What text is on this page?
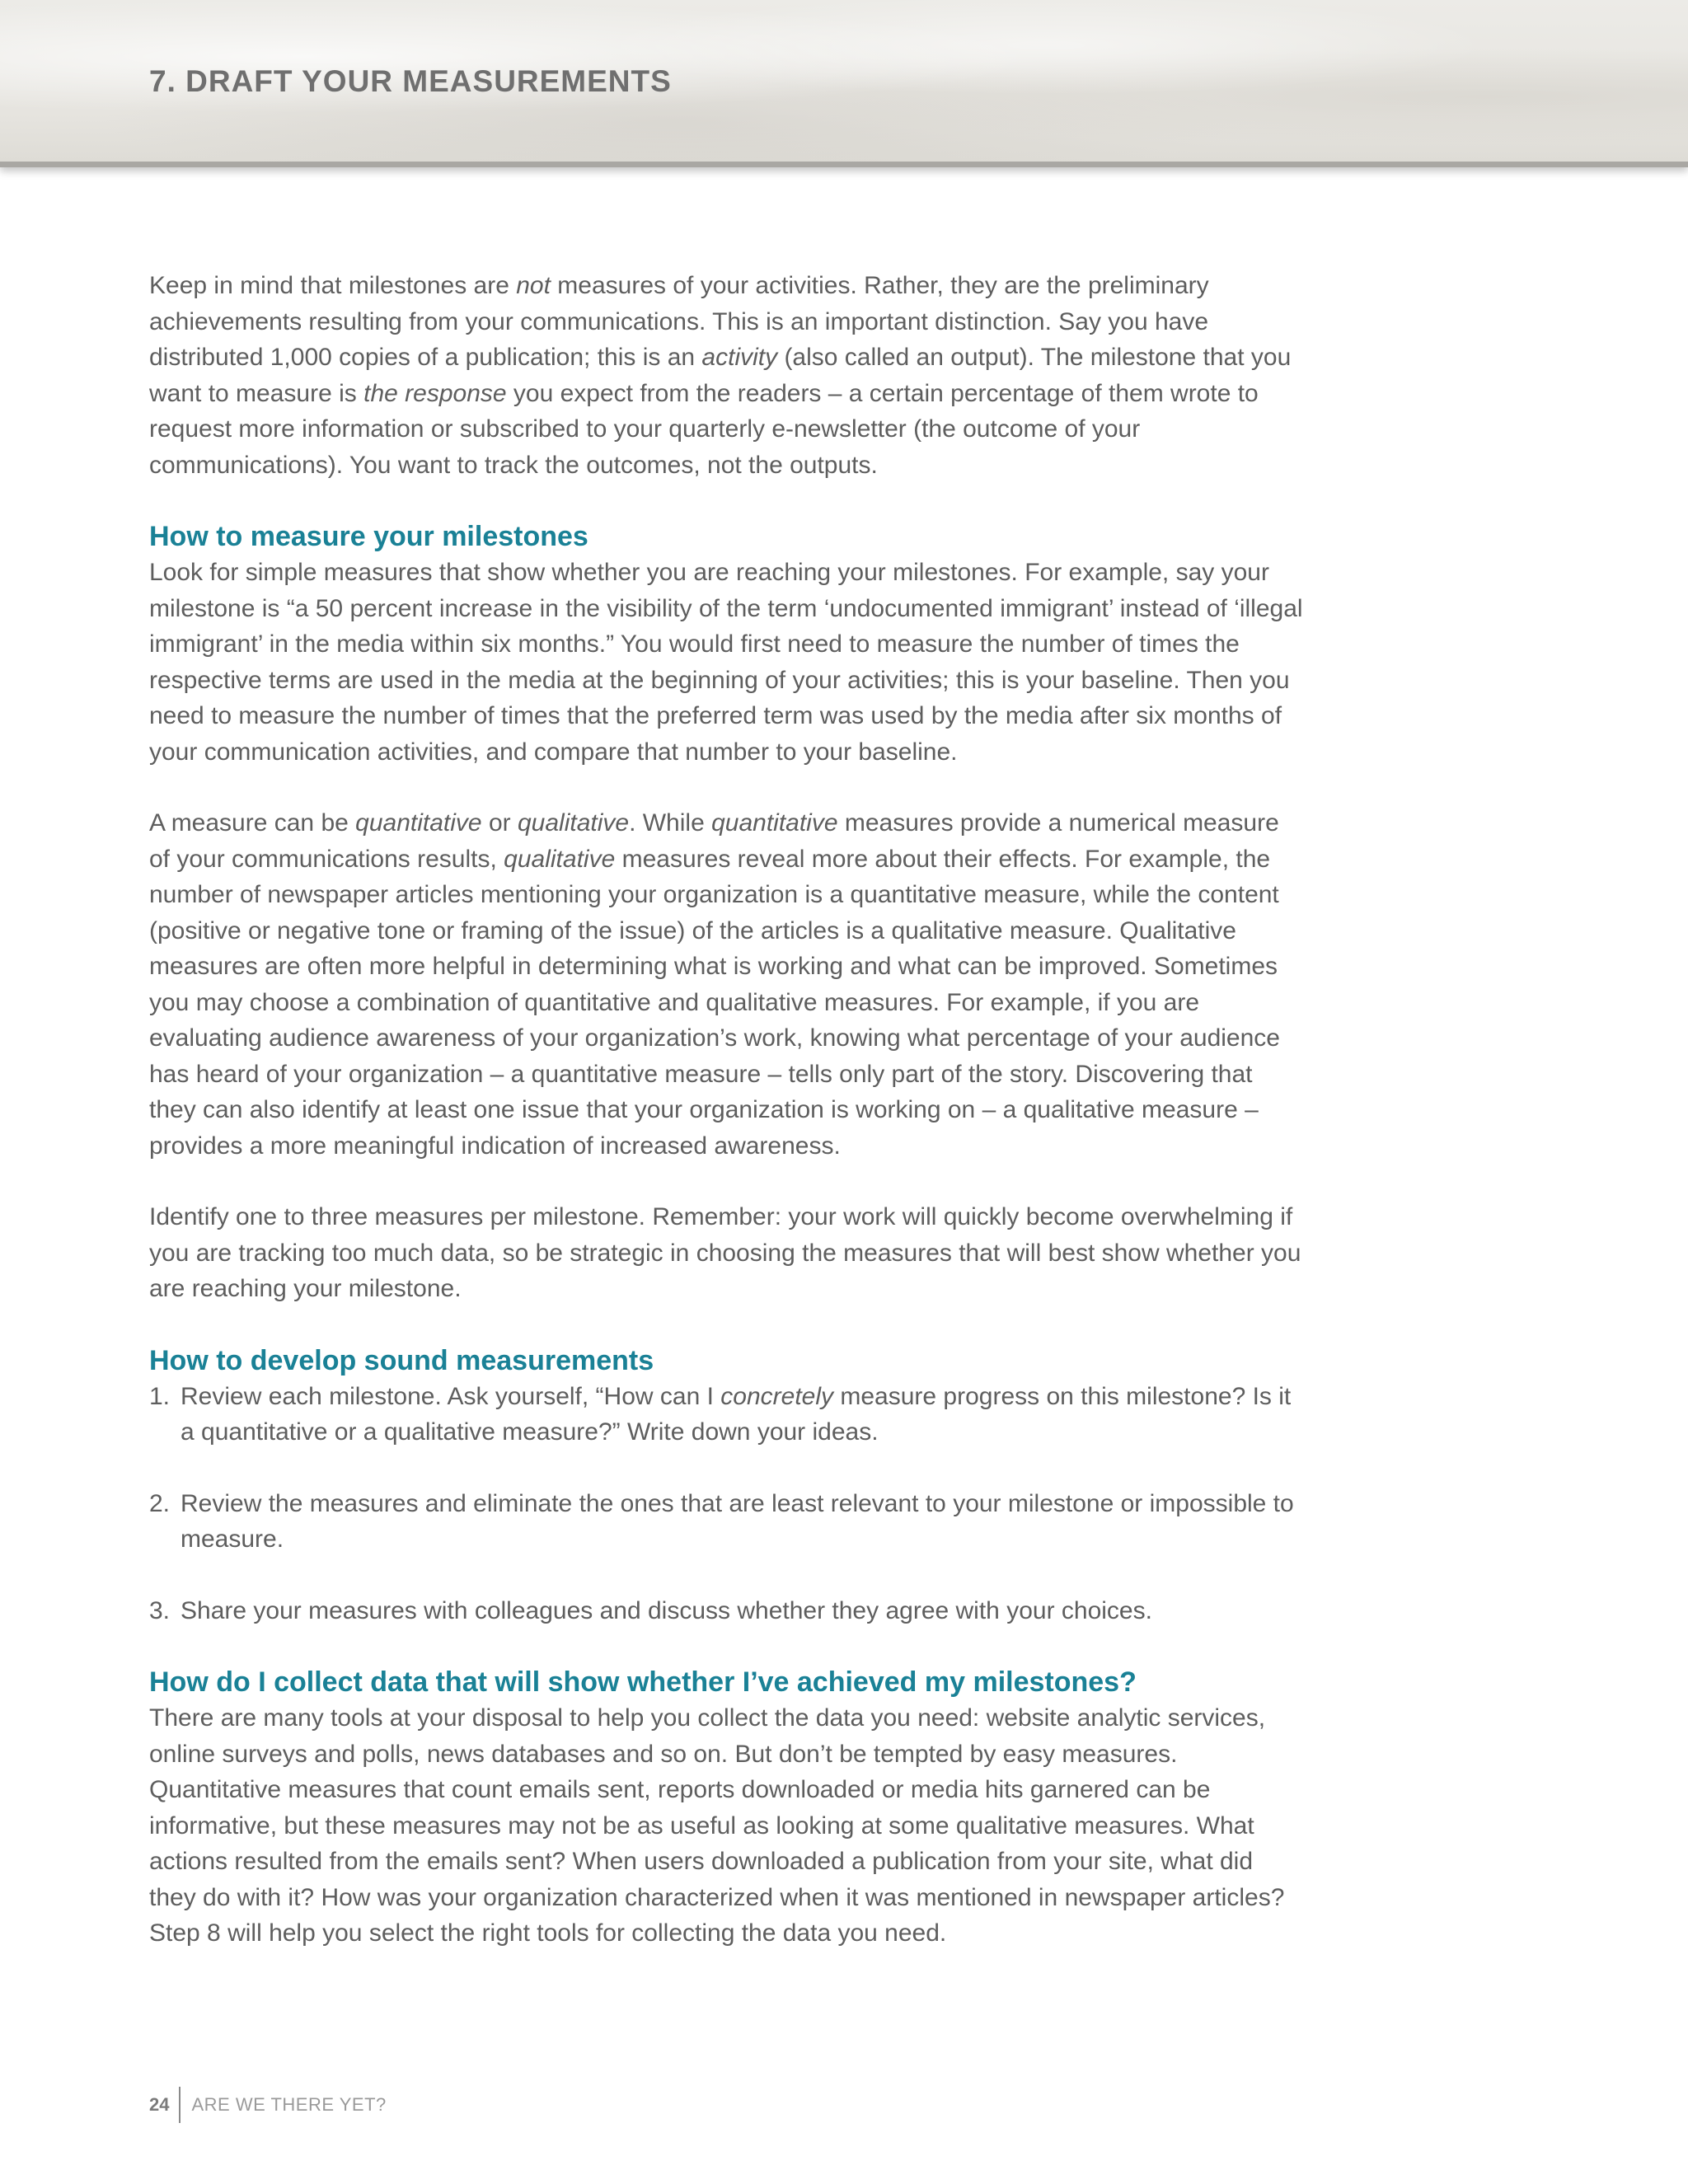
7. DRAFT YOUR MEASUREMENTS

Keep in mind that milestones are not measures of your activities. Rather, they are the preliminary achievements resulting from your communications. This is an important distinction. Say you have distributed 1,000 copies of a publication; this is an activity (also called an output). The milestone that you want to measure is the response you expect from the readers – a certain percentage of them wrote to request more information or subscribed to your quarterly e-newsletter (the outcome of your communications). You want to track the outcomes, not the outputs.

How to measure your milestones

Look for simple measures that show whether you are reaching your milestones. For example, say your milestone is “a 50 percent increase in the visibility of the term ‘undocumented immigrant’ instead of ‘illegal immigrant’ in the media within six months.” You would first need to measure the number of times the respective terms are used in the media at the beginning of your activities; this is your baseline. Then you need to measure the number of times that the preferred term was used by the media after six months of your communication activities, and compare that number to your baseline.

A measure can be quantitative or qualitative. While quantitative measures provide a numerical measure of your communications results, qualitative measures reveal more about their effects. For example, the number of newspaper articles mentioning your organization is a quantitative measure, while the content (positive or negative tone or framing of the issue) of the articles is a qualitative measure. Qualitative measures are often more helpful in determining what is working and what can be improved. Sometimes you may choose a combination of quantitative and qualitative measures. For example, if you are evaluating audience awareness of your organization’s work, knowing what percentage of your audience has heard of your organization – a quantitative measure – tells only part of the story. Discovering that they can also identify at least one issue that your organization is working on – a qualitative measure – provides a more meaningful indication of increased awareness.

Identify one to three measures per milestone. Remember: your work will quickly become overwhelming if you are tracking too much data, so be strategic in choosing the measures that will best show whether you are reaching your milestone.

How to develop sound measurements
1. Review each milestone. Ask yourself, “How can I concretely measure progress on this milestone? Is it a quantitative or a qualitative measure?” Write down your ideas.
2. Review the measures and eliminate the ones that are least relevant to your milestone or impossible to measure.
3. Share your measures with colleagues and discuss whether they agree with your choices.
How do I collect data that will show whether I’ve achieved my milestones?

There are many tools at your disposal to help you collect the data you need: website analytic services, online surveys and polls, news databases and so on. But don’t be tempted by easy measures. Quantitative measures that count emails sent, reports downloaded or media hits garnered can be informative, but these measures may not be as useful as looking at some qualitative measures. What actions resulted from the emails sent? When users downloaded a publication from your site, what did they do with it? How was your organization characterized when it was mentioned in newspaper articles? Step 8 will help you select the right tools for collecting the data you need.

24	ARE WE THERE YET?
